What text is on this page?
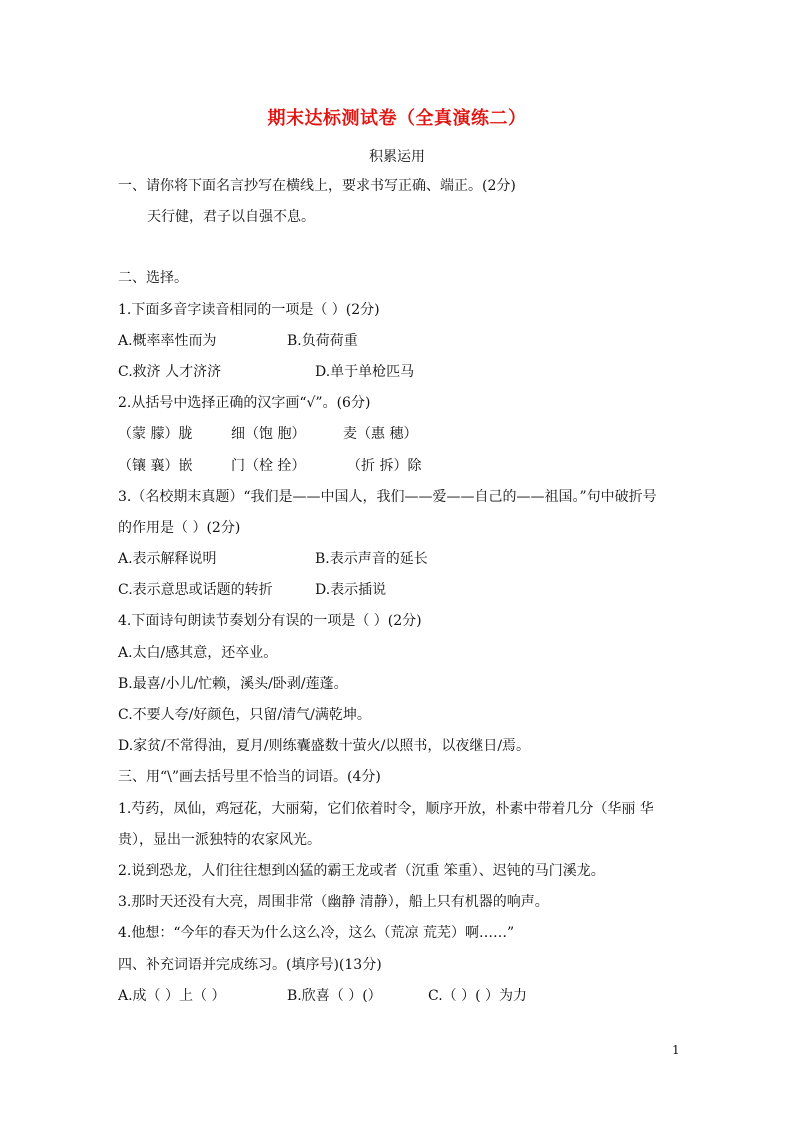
期末达标测试卷（全真演练二）
积累运用
一、请你将下面名言抄写在横线上，要求书写正确、端正。(2分)
天行健，君子以自强不息。
二、选择。
1.下面多音字读音相同的一项是（ ）(2分)
A.概率率性而为	B.负荷荷重
C.救济 人才济济	D.单于单枪匹马
2.从括号中选择正确的汉字画“√”。(6分)
（蒙 朦）胧	细（饱 胞）	麦（惠 穗）
（镶 襄）嵌	门（栓 拴）	（折 拆）除
3.（名校期末真题）“我们是——中国人，我们——爱——自己的——祖国。”句中破折号
的作用是（ ）(2分)
A.表示解释说明	B.表示声音的延长
C.表示意思或话题的转折	D.表示插说
4.下面诗句朗读节奏划分有误的一项是（ ）(2分)
A.太白/感其意，还卒业。
B.最喜/小儿/忙赖，溪头/卧剥/莲蓬。
C.不要人夸/好颜色，只留/清气/满乾坤。
D.家贫/不常得油，夏月/则练囊盛数十萤火/以照书，以夜继日/焉。
三、用“\”画去括号里不恰当的词语。(4分)
1.芍药，凤仙，鸡冠花，大丽菊，它们依着时令，顺序开放，朴素中带着几分（华丽 华
贵），显出一派独特的农家风光。
2.说到恐龙，人们往往想到凶猛的霸王龙或者（沉重 笨重）、迟钝的马门溪龙。
3.那时天还没有大亮，周围非常（幽静 清静），船上只有机器的响声。
4.他想：“今年的春天为什么这么冷，这么（荒凉 荒芜）啊……”
四、补充词语并完成练习。(填序号)(13分)
A.成（ ）上（ ）	B.欣喜（ ）(）	C.（ ）( ）为力
1
